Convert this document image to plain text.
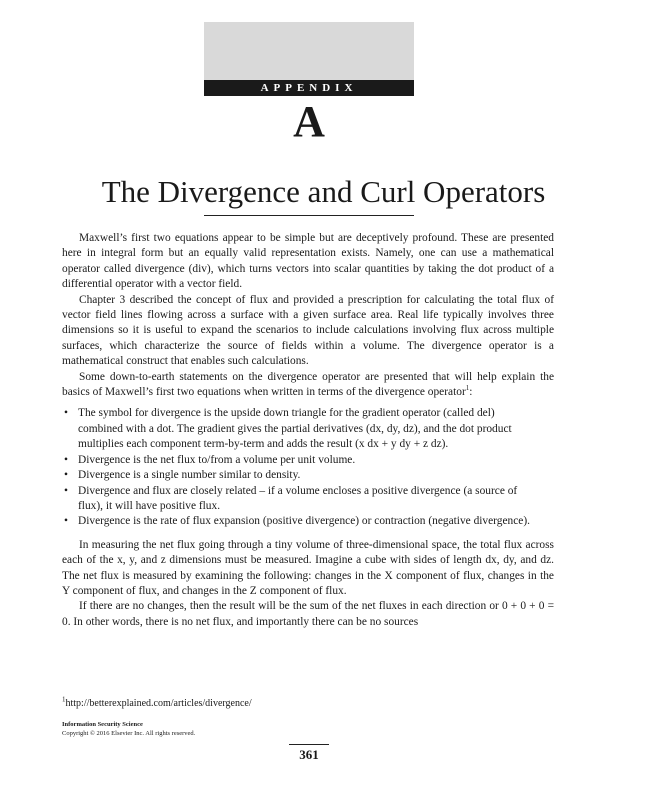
APPENDIX
A
The Divergence and Curl Operators

Maxwell’s first two equations appear to be simple but are deceptively profound. These are presented here in integral form but an equally valid representation exists. Namely, one can use a mathematical operator called divergence (div), which turns vectors into scalar quantities by taking the dot product of a differential operator with a vector field.

Chapter 3 described the concept of flux and provided a prescription for calculating the total flux of vector field lines flowing across a surface with a given surface area. Real life typically involves three dimensions so it is useful to expand the scenarios to include calculations involving flux across multiple surfaces, which characterize the source of fields within a volume. The divergence operator is a mathematical construct that enables such calculations.

Some down-to-earth statements on the divergence operator are presented that will help explain the basics of Maxwell’s first two equations when written in terms of the divergence operator$^1$:

• The symbol for divergence is the upside down triangle for the gradient operator (called del) combined with a dot. The gradient gives the partial derivatives (dx, dy, dz), and the dot product multiplies each component term-by-term and adds the result (x dx + y dy + z dz).
• Divergence is the net flux to/from a volume per unit volume.
• Divergence is a single number similar to density.
• Divergence and flux are closely related – if a volume encloses a positive divergence (a source of flux), it will have positive flux.
• Divergence is the rate of flux expansion (positive divergence) or contraction (negative divergence).

In measuring the net flux going through a tiny volume of three-dimensional space, the total flux across each of the x, y, and z dimensions must be measured. Imagine a cube with sides of length dx, dy, and dz. The net flux is measured by examining the following: changes in the X component of flux, changes in the Y component of flux, and changes in the Z component of flux.

If there are no changes, then the result will be the sum of the net fluxes in each direction or 0 + 0 + 0 = 0. In other words, there is no net flux, and importantly there can be no sources

$^1$http://betterexplained.com/articles/divergence/
Information Security Science
Copyright © 2016 Elsevier Inc. All rights reserved.
361
